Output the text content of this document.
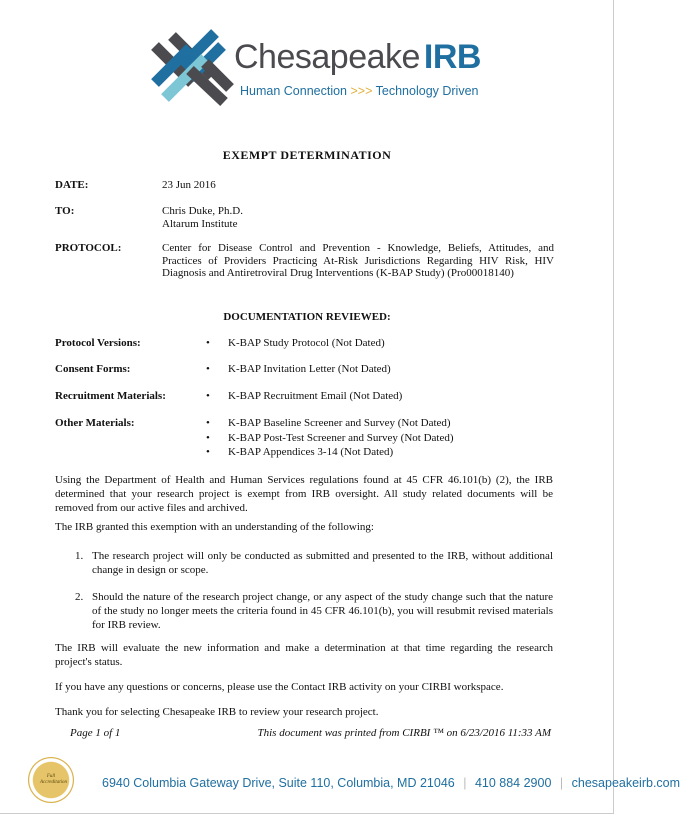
Chesapeake IRB
Human Connection >>> Technology Driven
EXEMPT DETERMINATION
DATE:	23 Jun 2016
TO:	Chris Duke, Ph.D.
Altarum Institute
PROTOCOL:	Center for Disease Control and Prevention - Knowledge, Beliefs, Attitudes, and Practices of Providers Practicing At-Risk Jurisdictions Regarding HIV Risk, HIV Diagnosis and Antiretroviral Drug Interventions (K-BAP Study) (Pro00018140)
DOCUMENTATION REVIEWED:
Protocol Versions:	• K-BAP Study Protocol (Not Dated)
Consent Forms:	• K-BAP Invitation Letter (Not Dated)
Recruitment Materials:	• K-BAP Recruitment Email (Not Dated)
Other Materials:	• K-BAP Baseline Screener and Survey (Not Dated)
• K-BAP Post-Test Screener and Survey (Not Dated)
• K-BAP Appendices 3-14 (Not Dated)
Using the Department of Health and Human Services regulations found at 45 CFR 46.101(b) (2), the IRB determined that your research project is exempt from IRB oversight. All study related documents will be removed from our active files and archived.
The IRB granted this exemption with an understanding of the following:
1. The research project will only be conducted as submitted and presented to the IRB, without additional change in design or scope.
2. Should the nature of the research project change, or any aspect of the study change such that the nature of the study no longer meets the criteria found in 45 CFR 46.101(b), you will resubmit revised materials for IRB review.
The IRB will evaluate the new information and make a determination at that time regarding the research project's status.
If you have any questions or concerns, please use the Contact IRB activity on your CIRBI workspace.
Thank you for selecting Chesapeake IRB to review your research project.
Page 1 of 1	This document was printed from CIRBI ™ on 6/23/2016 11:33 AM
Full Accreditation	6940 Columbia Gateway Drive, Suite 110, Columbia, MD 21046 | 410 884 2900 | chesapeakeirb.com
